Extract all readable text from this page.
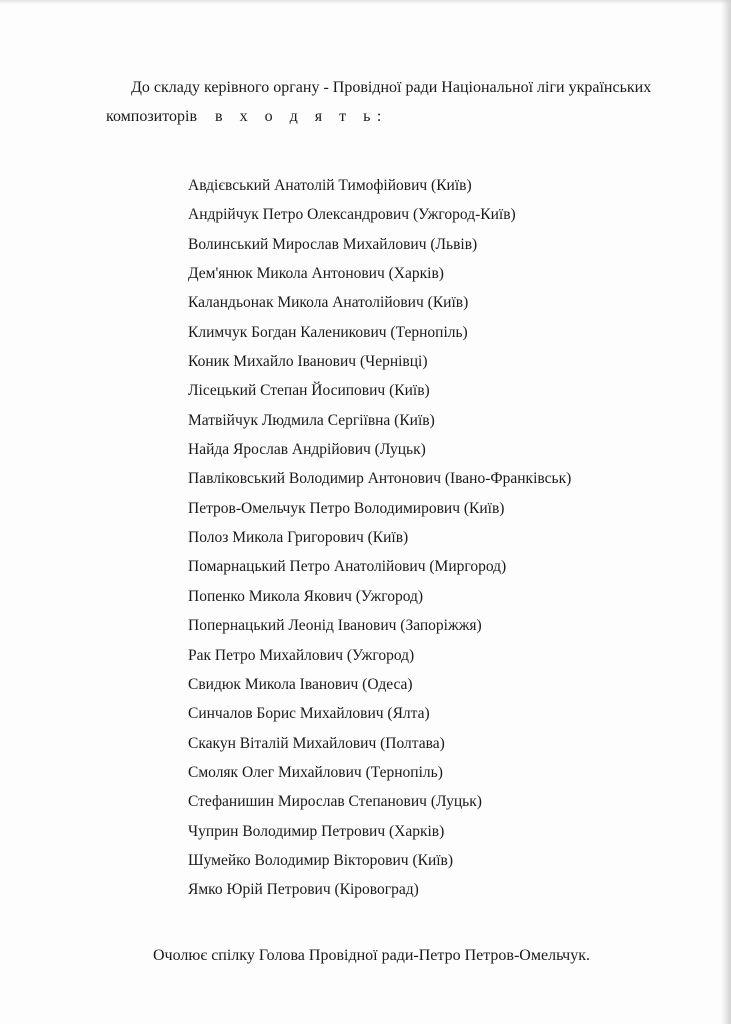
До складу керівного органу - Провідної ради Національної ліги українських
композиторів в х о д я т ь:
Авдієвський Анатолій Тимофійович (Київ)
Андрійчук Петро Олександрович (Ужгород-Київ)
Волинський Мирослав Михайлович (Львів)
Дем'янюк Микола Антонович (Харків)
Каландьонак Микола Анатолійович (Київ)
Климчук Богдан Каленикович (Тернопіль)
Коник Михайло Іванович (Чернівці)
Лісецький Степан Йосипович (Київ)
Матвійчук Людмила Сергіївна (Київ)
Найда Ярослав Андрійович (Луцьк)
Павліковський Володимир Антонович (Івано-Франківськ)
Петров-Омельчук Петро Володимирович (Київ)
Полоз Микола Григорович (Київ)
Помарнацький Петро Анатолійович (Миргород)
Попенко Микола Якович (Ужгород)
Попернацький Леонід Іванович (Запоріжжя)
Рак Петро Михайлович (Ужгород)
Свидюк Микола Іванович (Одеса)
Синчалов Борис Михайлович (Ялта)
Скакун Віталій Михайлович (Полтава)
Смоляк Олег Михайлович (Тернопіль)
Стефанишин Мирослав Степанович (Луцьк)
Чуприн Володимир Петрович (Харків)
Шумейко Володимир Вікторович (Київ)
Ямко Юрій Петрович (Кіровоград)
Очолює спілку Голова Провідної ради-Петро Петров-Омельчук.
